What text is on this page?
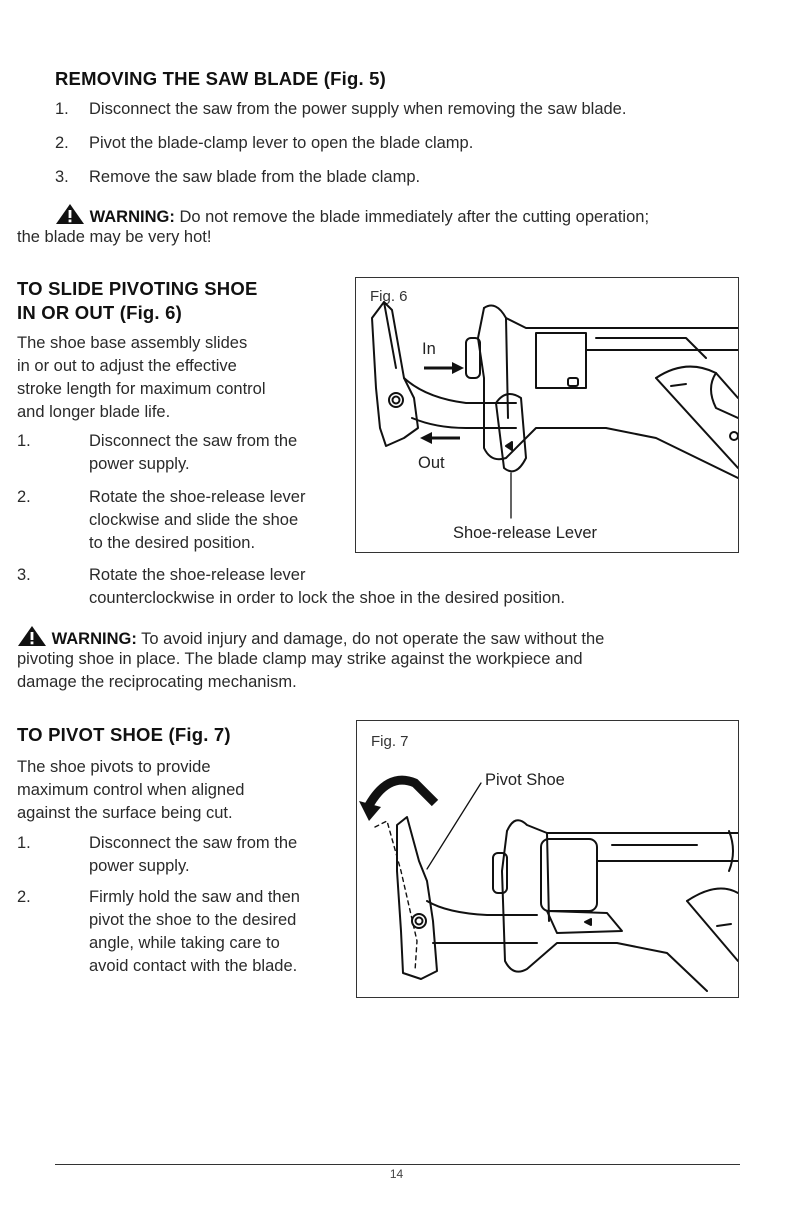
REMOVING THE SAW BLADE (Fig. 5)
1. Disconnect the saw from the power supply when removing the saw blade.
2. Pivot the blade-clamp lever to open the blade clamp.
3. Remove the saw blade from the blade clamp.
WARNING: Do not remove the blade immediately after the cutting operation;
the blade may be very hot!
TO SLIDE PIVOTING SHOE
IN OR OUT (Fig. 6)
The shoe base assembly slides
in or out to adjust the effective
stroke length for maximum control
and longer blade life.
1.	Disconnect the saw from the
power supply.
2.	Rotate the shoe-release lever
clockwise and slide the shoe
to the desired position.
3.	Rotate the shoe-release lever
counterclockwise in order to lock the shoe in the desired position.
WARNING: To avoid injury and damage, do not operate the saw without the
pivoting shoe in place. The blade clamp may strike against the workpiece and
damage the reciprocating mechanism.
Fig. 6
In
Out
Shoe-release Lever
TO PIVOT SHOE (Fig. 7)
The shoe pivots to provide
maximum control when aligned
against the surface being cut.
1.	Disconnect the saw from the
power supply.
2.	Firmly hold the saw and then
pivot the shoe to the desired
angle, while taking care to
avoid contact with the blade.
Fig. 7
Pivot Shoe
14
